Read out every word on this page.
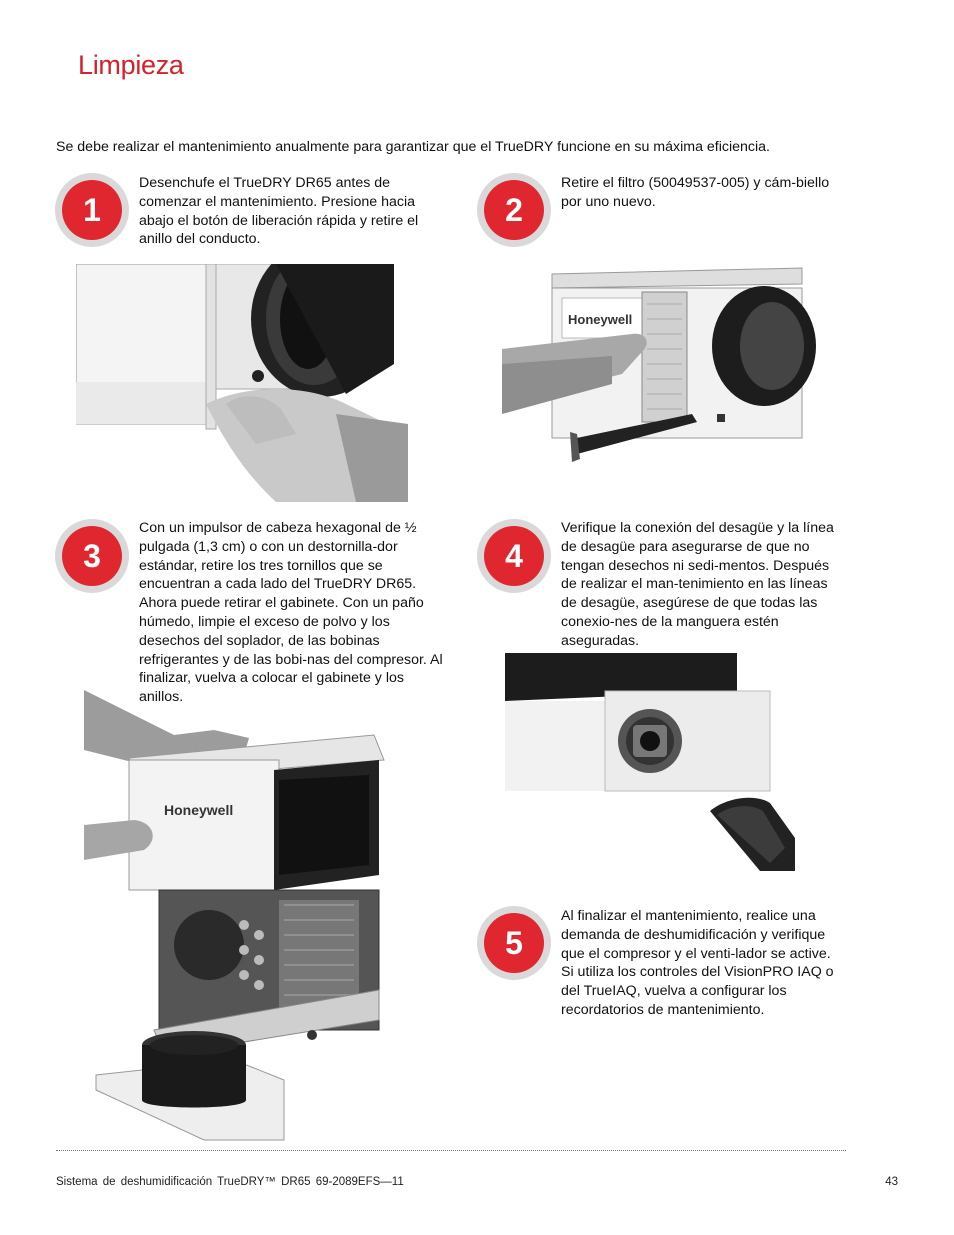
Limpieza
Se debe realizar el mantenimiento anualmente para garantizar que el TrueDRY funcione en su máxima eficiencia.
1
Desenchufe el TrueDRY DR65 antes de comenzar el mantenimiento. Presione hacia abajo el botón de liberación rápida y retire el anillo del conducto.
2
Retire el filtro (50049537-005) y cám-biello por uno nuevo.
Honeywell
3
Con un impulsor de cabeza hexagonal de ½ pulgada (1,3 cm) o con un destornilla-dor estándar, retire los tres tornillos que se encuentran a cada lado del TrueDRY DR65. Ahora puede retirar el gabinete. Con un paño húmedo, limpie el exceso de polvo y los desechos del soplador, de las bobinas refrigerantes y de las bobi-nas del compresor. Al finalizar, vuelva a colocar el gabinete y los anillos.
4
Verifique la conexión del desagüe y la línea de desagüe para asegurarse de que no tengan desechos ni sedi-mentos. Después de realizar el man-tenimiento en las líneas de desagüe, asegúrese de que todas las conexio-nes de la manguera estén aseguradas.
Honeywell
5
Al finalizar el mantenimiento, realice una demanda de deshumidificación y verifique que el compresor y el venti-lador se active. Si utiliza los controles del VisionPRO IAQ o del TrueIAQ, vuelva a configurar los recordatorios de mantenimiento.
Sistema de deshumidificación TrueDRY™ DR65 69-2089EFS—11	43
